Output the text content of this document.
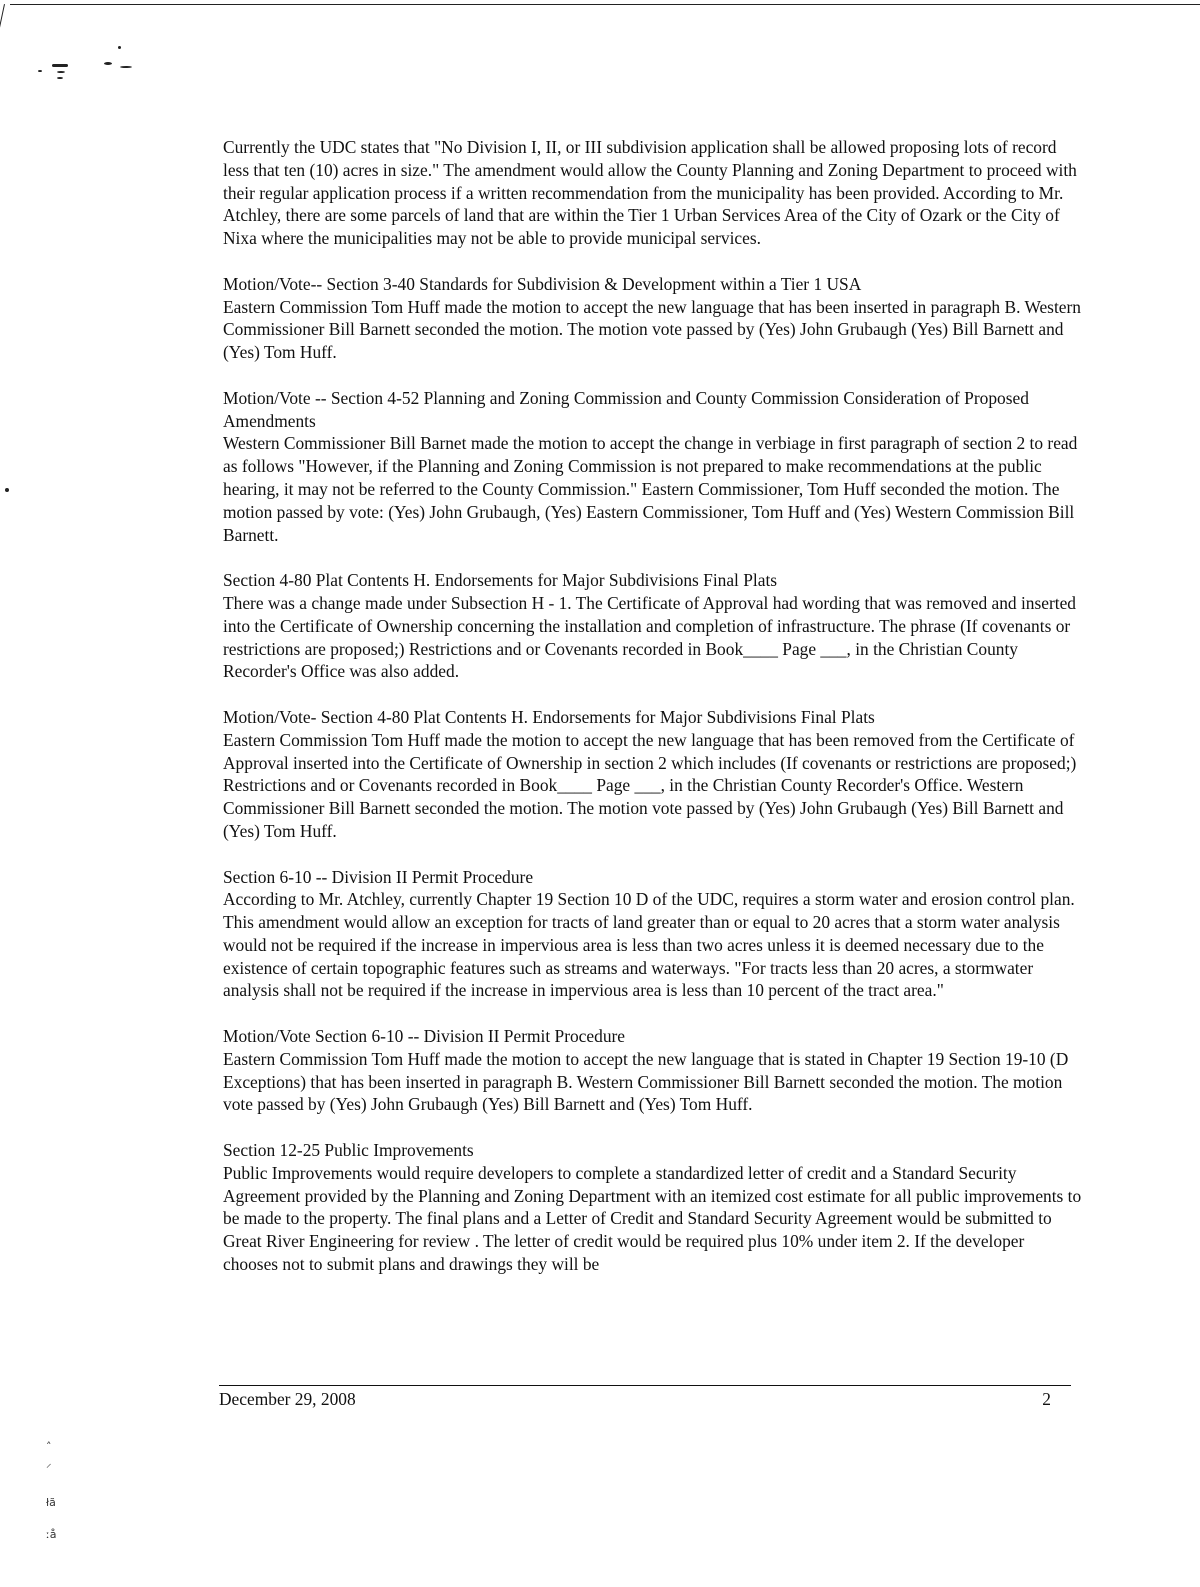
Currently the UDC states that "No Division I, II, or III subdivision application shall be allowed proposing lots of record less that ten (10) acres in size." The amendment would allow the County Planning and Zoning Department to proceed with their regular application process if a written recommendation from the municipality has been provided. According to Mr. Atchley, there are some parcels of land that are within the Tier 1 Urban Services Area of the City of Ozark or the City of Nixa where the municipalities may not be able to provide municipal services.

Motion/Vote-- Section 3-40 Standards for Subdivision & Development within a Tier 1 USA
Eastern Commission Tom Huff made the motion to accept the new language that has been inserted in paragraph B. Western Commissioner Bill Barnett seconded the motion. The motion vote passed by (Yes) John Grubaugh (Yes) Bill Barnett and (Yes) Tom Huff.

Motion/Vote -- Section 4-52 Planning and Zoning Commission and County Commission Consideration of Proposed Amendments
Western Commissioner Bill Barnet made the motion to accept the change in verbiage in first paragraph of section 2 to read as follows "However, if the Planning and Zoning Commission is not prepared to make recommendations at the public hearing, it may not be referred to the County Commission." Eastern Commissioner, Tom Huff seconded the motion. The motion passed by vote: (Yes) John Grubaugh, (Yes) Eastern Commissioner, Tom Huff and (Yes) Western Commission Bill Barnett.

Section 4-80 Plat Contents H. Endorsements for Major Subdivisions Final Plats
There was a change made under Subsection H - 1. The Certificate of Approval had wording that was removed and inserted into the Certificate of Ownership concerning the installation and completion of infrastructure. The phrase (If covenants or restrictions are proposed;) Restrictions and or Covenants recorded in Book____ Page ___, in the Christian County Recorder's Office was also added.

Motion/Vote- Section 4-80 Plat Contents H. Endorsements for Major Subdivisions Final Plats
Eastern Commission Tom Huff made the motion to accept the new language that has been removed from the Certificate of Approval inserted into the Certificate of Ownership in section 2 which includes (If covenants or restrictions are proposed;) Restrictions and or Covenants recorded in Book____ Page ___, in the Christian County Recorder's Office. Western Commissioner Bill Barnett seconded the motion. The motion vote passed by (Yes) John Grubaugh (Yes) Bill Barnett and (Yes) Tom Huff.

Section 6-10 -- Division II Permit Procedure
According to Mr. Atchley, currently Chapter 19 Section 10 D of the UDC, requires a storm water and erosion control plan. This amendment would allow an exception for tracts of land greater than or equal to 20 acres that a storm water analysis would not be required if the increase in impervious area is less than two acres unless it is deemed necessary due to the existence of certain topographic features such as streams and waterways. "For tracts less than 20 acres, a stormwater analysis shall not be required if the increase in impervious area is less than 10 percent of the tract area."

Motion/Vote Section 6-10 -- Division II Permit Procedure
Eastern Commission Tom Huff made the motion to accept the new language that is stated in Chapter 19 Section 19-10 (D Exceptions) that has been inserted in paragraph B. Western Commissioner Bill Barnett seconded the motion. The motion vote passed by (Yes) John Grubaugh (Yes) Bill Barnett and (Yes) Tom Huff.

Section 12-25 Public Improvements
Public Improvements would require developers to complete a standardized letter of credit and a Standard Security Agreement provided by the Planning and Zoning Department with an itemized cost estimate for all public improvements to be made to the property. The final plans and a Letter of Credit and Standard Security Agreement would be submitted to Great River Engineering for review . The letter of credit would be required plus 10% under item 2. If the developer chooses not to submit plans and drawings they will be

December 29, 2008	2
˄
⸝
łã
ːå
